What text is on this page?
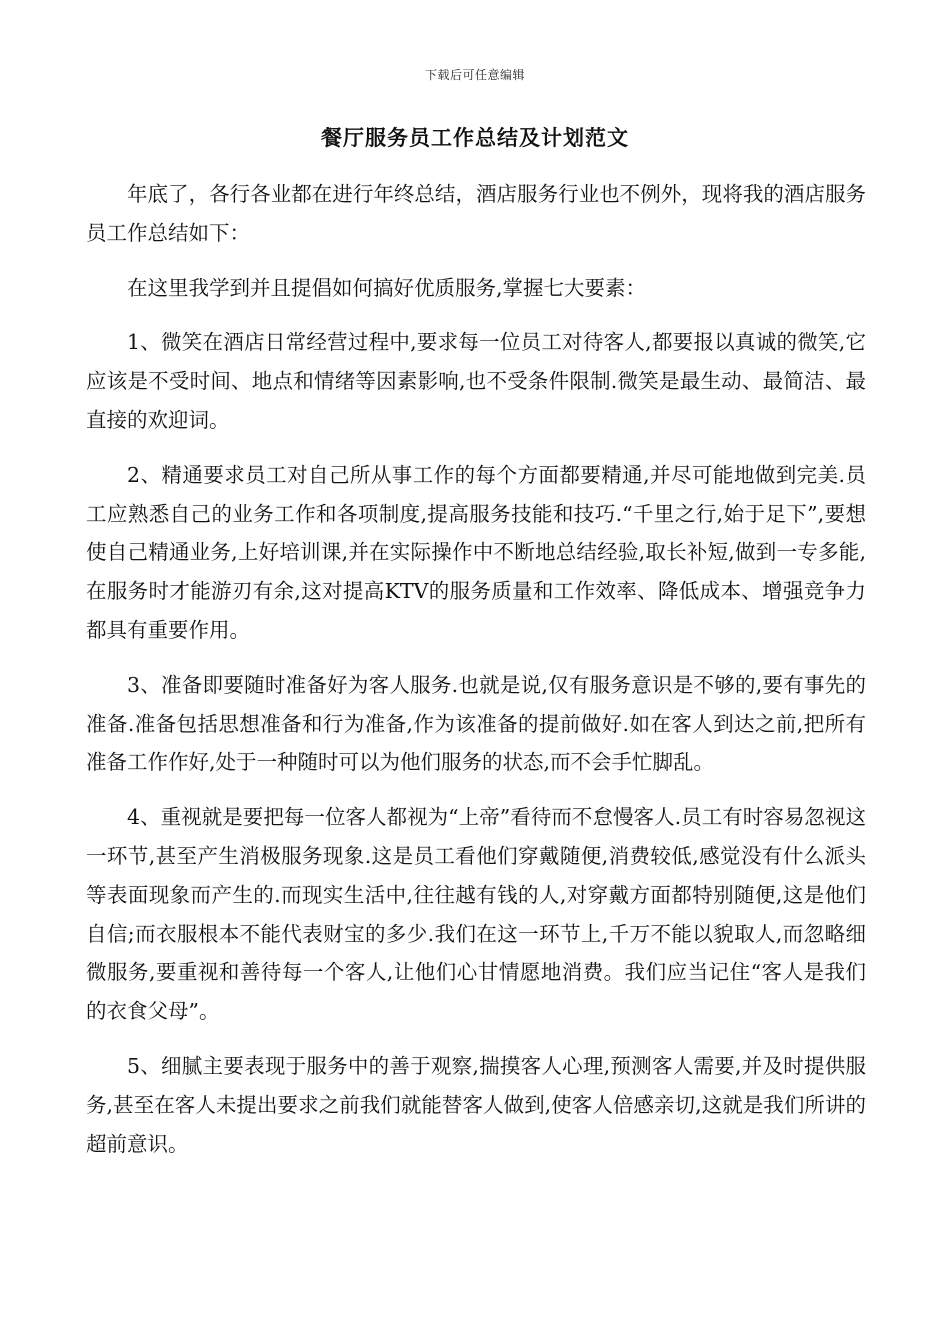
下载后可任意编辑
餐厅服务员工作总结及计划范文

年底了，各行各业都在进行年终总结，酒店服务行业也不例外，现将我的酒店服务员工作总结如下：

在这里我学到并且提倡如何搞好优质服务,掌握七大要素：

1、微笑在酒店日常经营过程中,要求每一位员工对待客人,都要报以真诚的微笑,它应该是不受时间、地点和情绪等因素影响,也不受条件限制.微笑是最生动、最简洁、最直接的欢迎词。

2、精通要求员工对自己所从事工作的每个方面都要精通,并尽可能地做到完美.员工应熟悉自己的业务工作和各项制度,提高服务技能和技巧.“千里之行,始于足下”,要想使自己精通业务,上好培训课,并在实际操作中不断地总结经验,取长补短,做到一专多能,在服务时才能游刃有余,这对提高KTV的服务质量和工作效率、降低成本、增强竞争力都具有重要作用。

3、准备即要随时准备好为客人服务.也就是说,仅有服务意识是不够的,要有事先的准备.准备包括思想准备和行为准备,作为该准备的提前做好.如在客人到达之前,把所有准备工作作好,处于一种随时可以为他们服务的状态,而不会手忙脚乱。

4、重视就是要把每一位客人都视为“上帝”看待而不怠慢客人.员工有时容易忽视这一环节,甚至产生消极服务现象.这是员工看他们穿戴随便,消费较低,感觉没有什么派头等表面现象而产生的.而现实生活中,往往越有钱的人,对穿戴方面都特别随便,这是他们自信;而衣服根本不能代表财宝的多少.我们在这一环节上,千万不能以貌取人,而忽略细微服务,要重视和善待每一个客人,让他们心甘情愿地消费。我们应当记住“客人是我们的衣食父母”。

5、细腻主要表现于服务中的善于观察,揣摸客人心理,预测客人需要,并及时提供服务,甚至在客人未提出要求之前我们就能替客人做到,使客人倍感亲切,这就是我们所讲的超前意识。
